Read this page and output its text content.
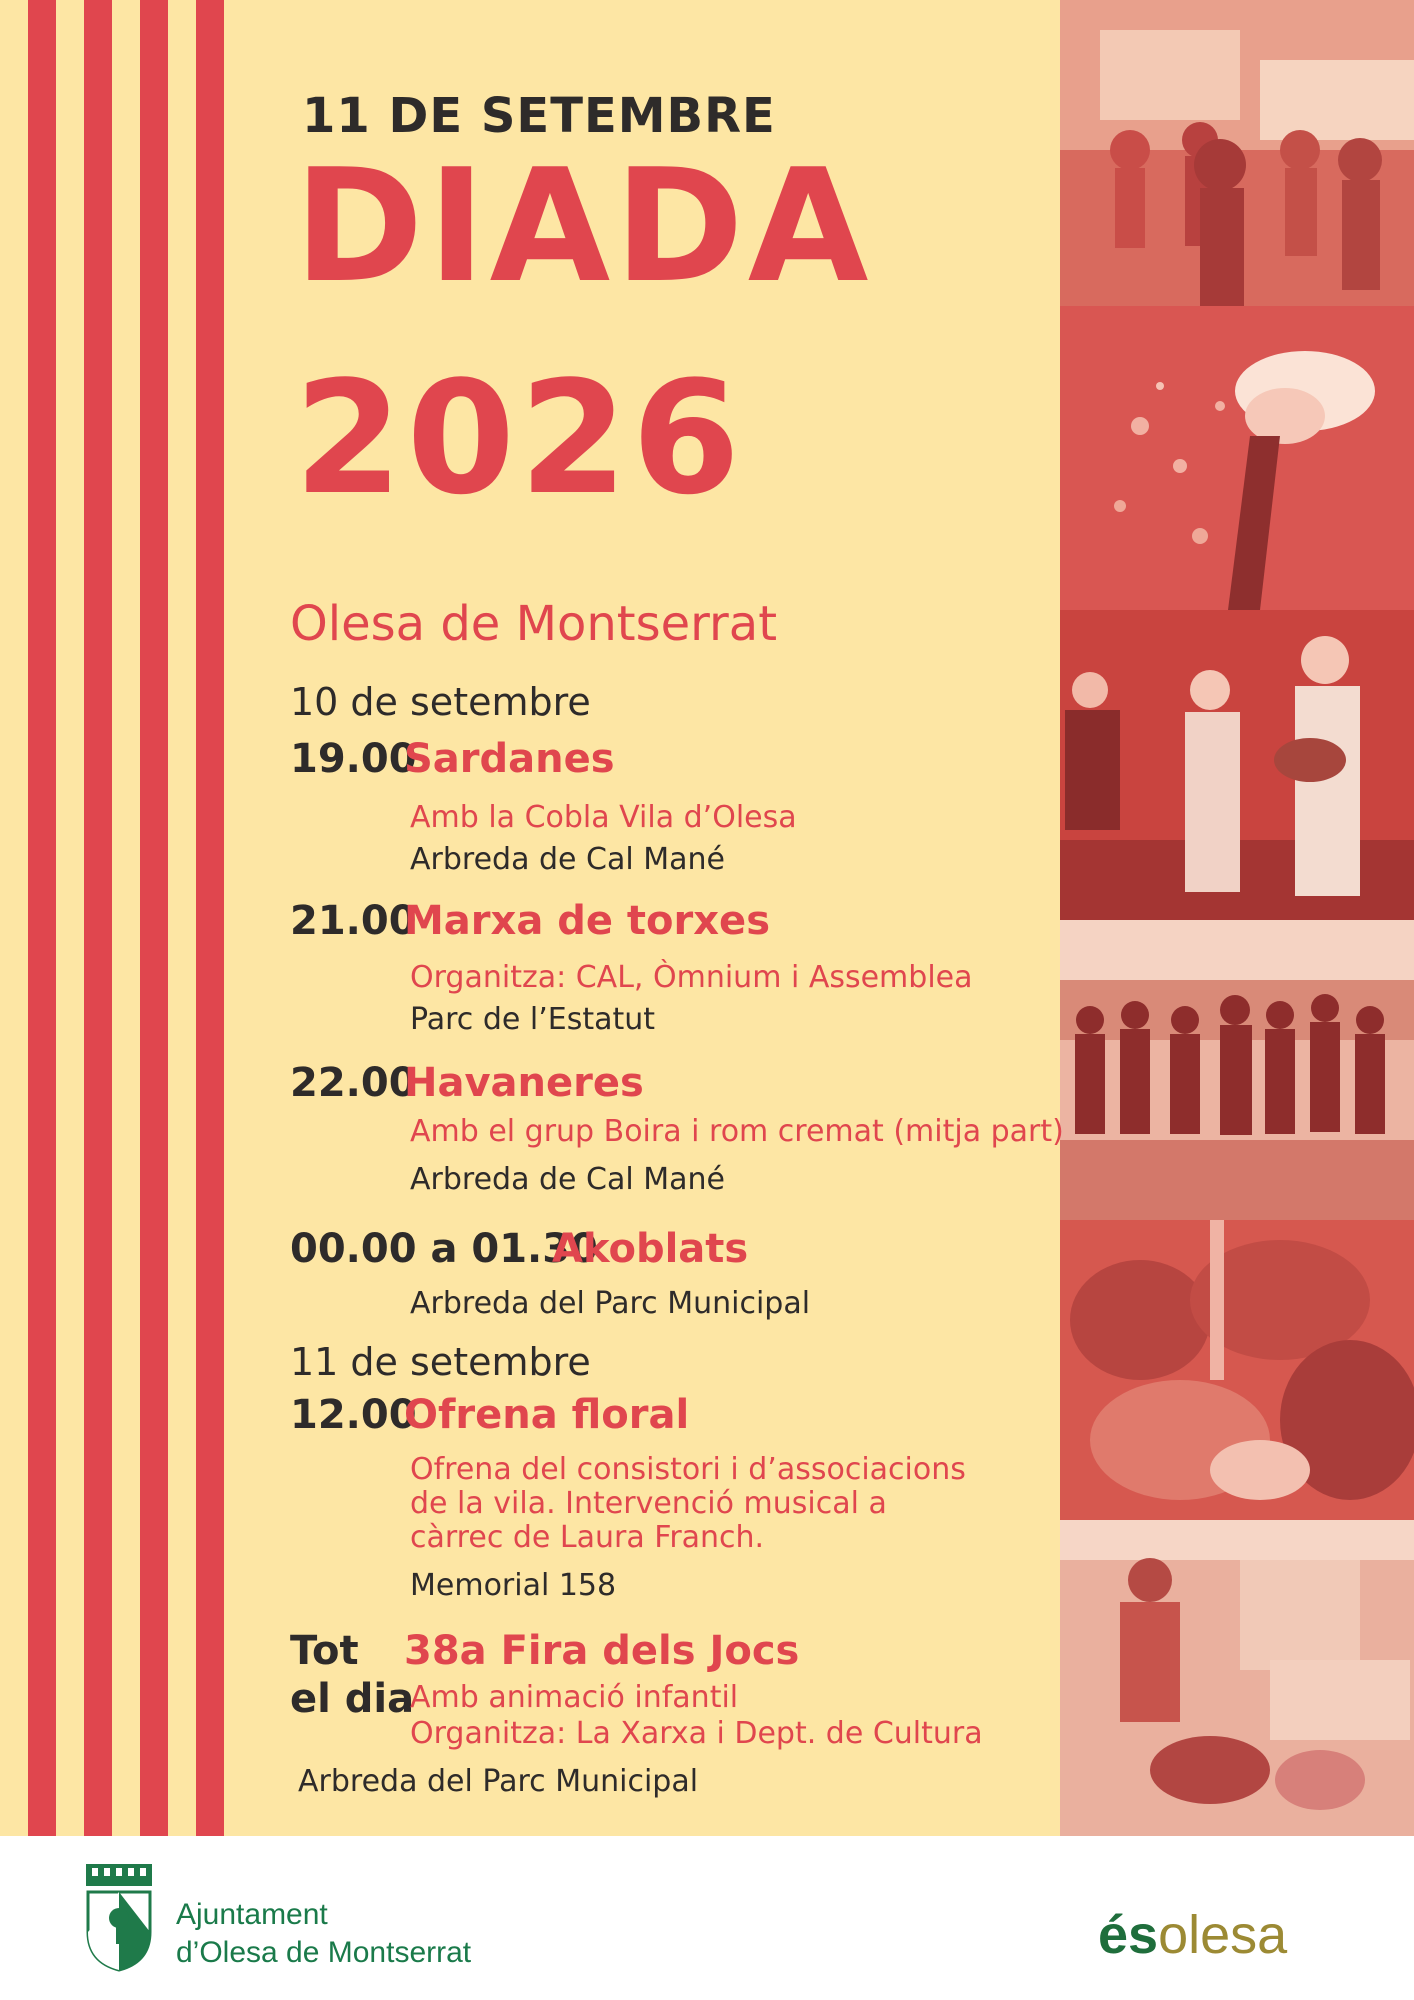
11 DE SETEMBRE
DIADA
2026
Olesa de Montserrat
10 de setembre
19.00
Sardanes
Amb la Cobla Vila d’Olesa
Arbreda de Cal Mané
21.00
Marxa de torxes
Organitza: CAL, Òmnium i Assemblea
Parc de l’Estatut
22.00
Havaneres
Amb el grup Boira i rom cremat (mitja part)
Arbreda de Cal Mané
00.00 a 01.30
Akoblats
Arbreda del Parc Municipal
11 de setembre
12.00
Ofrena floral
Ofrena del consistori i d’associacions
de la vila. Intervenció musical a
càrrec de Laura Franch.
Memorial 158
Tot
el dia
38a Fira dels Jocs
Amb animació infantil
Organitza: La Xarxa i Dept. de Cultura
Arbreda del Parc Municipal
Ajuntament
d’Olesa de Montserrat	ésolesa
